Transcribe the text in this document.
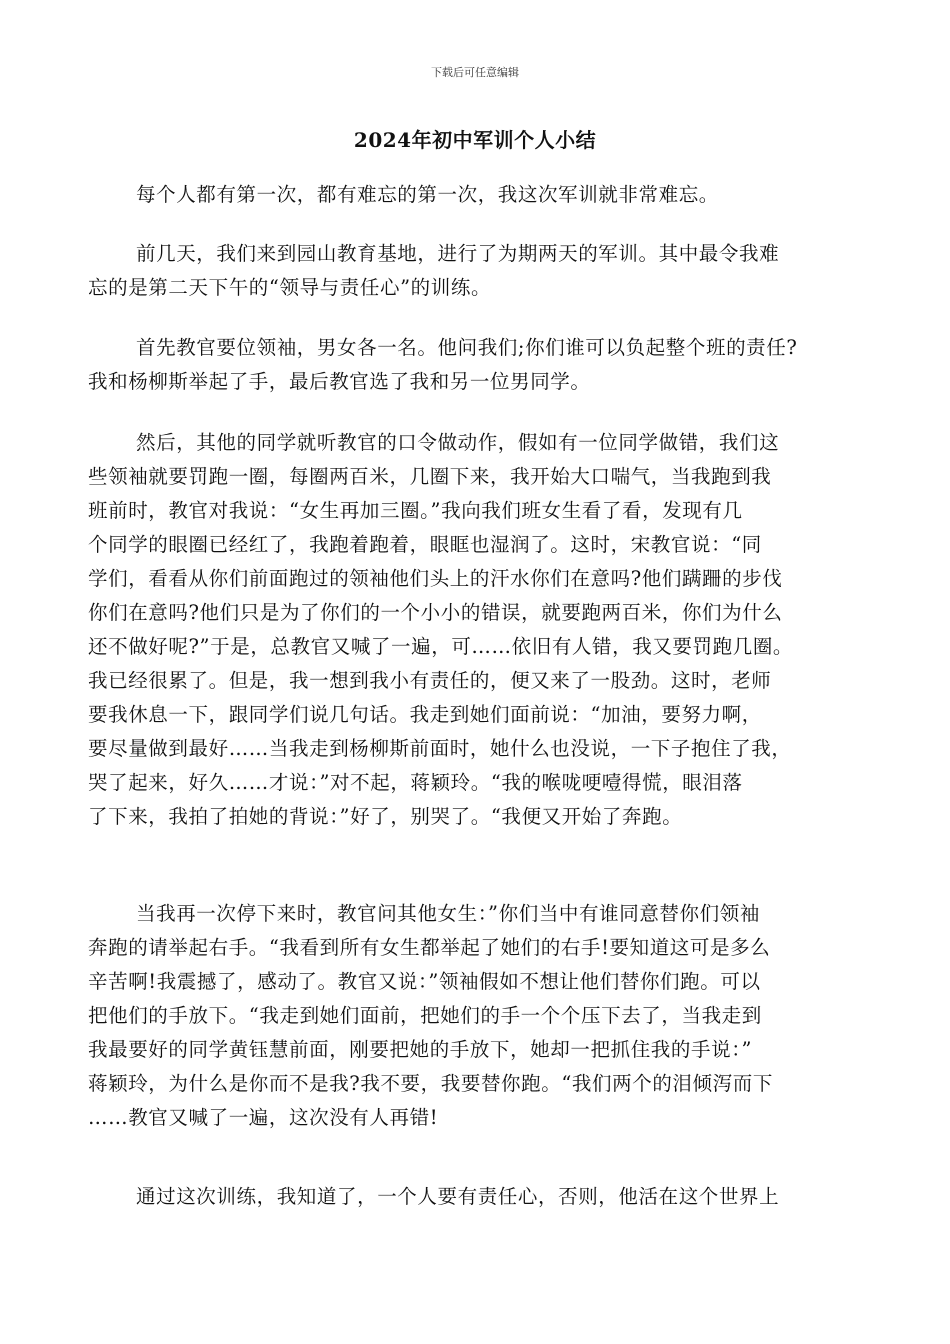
下载后可任意编辑
2024年初中军训个人小结
每个人都有第一次，都有难忘的第一次，我这次军训就非常难忘。
前几天，我们来到园山教育基地，进行了为期两天的军训。其中最令我难
忘的是第二天下午的“领导与责任心”的训练。
首先教官要位领袖，男女各一名。他问我们;你们谁可以负起整个班的责任?
我和杨柳斯举起了手，最后教官选了我和另一位男同学。
然后，其他的同学就听教官的口令做动作，假如有一位同学做错，我们这
些领袖就要罚跑一圈，每圈两百米，几圈下来，我开始大口喘气，当我跑到我
班前时，教官对我说：“女生再加三圈。”我向我们班女生看了看，发现有几
个同学的眼圈已经红了，我跑着跑着，眼眶也湿润了。这时，宋教官说：“同
学们，看看从你们前面跑过的领袖他们头上的汗水你们在意吗?他们蹒跚的步伐
你们在意吗?他们只是为了你们的一个小小的错误，就要跑两百米，你们为什么
还不做好呢?”于是，总教官又喊了一遍，可……依旧有人错，我又要罚跑几圈。
我已经很累了。但是，我一想到我小有责任的，便又来了一股劲。这时，老师
要我休息一下，跟同学们说几句话。我走到她们面前说：“加油，要努力啊，
要尽量做到最好……当我走到杨柳斯前面时，她什么也没说，一下子抱住了我，
哭了起来，好久……才说：”对不起，蒋颖玲。“我的喉咙哽噎得慌，眼泪落
了下来，我拍了拍她的背说：”好了，别哭了。“我便又开始了奔跑。
当我再一次停下来时，教官问其他女生：”你们当中有谁同意替你们领袖
奔跑的请举起右手。“我看到所有女生都举起了她们的右手!要知道这可是多么
辛苦啊!我震撼了，感动了。教官又说：”领袖假如不想让他们替你们跑。可以
把他们的手放下。“我走到她们面前，把她们的手一个个压下去了，当我走到
我最要好的同学黄钰慧前面，刚要把她的手放下，她却一把抓住我的手说：”
蒋颖玲，为什么是你而不是我?我不要，我要替你跑。“我们两个的泪倾泻而下
……教官又喊了一遍，这次没有人再错!
通过这次训练，我知道了，一个人要有责任心，否则，他活在这个世界上
